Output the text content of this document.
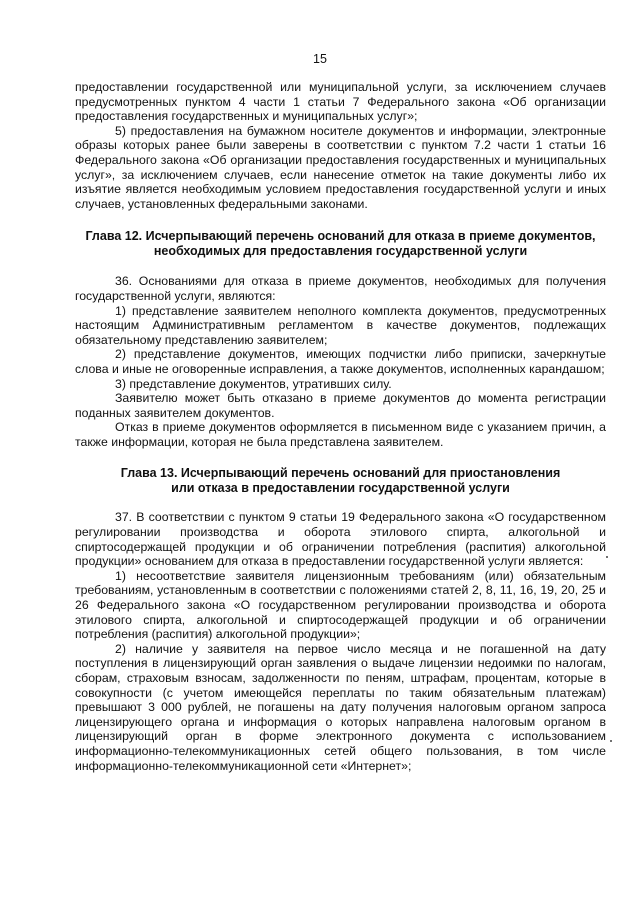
15

предоставлении государственной или муниципальной услуги, за исключением случаев предусмотренных пунктом 4 части 1 статьи 7 Федерального закона «Об организации предоставления государственных и муниципальных услуг»;

5) предоставления на бумажном носителе документов и информации, электронные образы которых ранее были заверены в соответствии с пунктом 7.2 части 1 статьи 16 Федерального закона «Об организации предоставления государственных и муниципальных услуг», за исключением случаев, если нанесение отметок на такие документы либо их изъятие является необходимым условием предоставления государственной услуги и иных случаев, установленных федеральными законами.

Глава 12. Исчерпывающий перечень оснований для отказа в приеме документов,
необходимых для предоставления государственной услуги

36. Основаниями для отказа в приеме документов, необходимых для получения государственной услуги, являются:

1) представление заявителем неполного комплекта документов, предусмотренных настоящим Административным регламентом в качестве документов, подлежащих обязательному представлению заявителем;

2) представление документов, имеющих подчистки либо приписки, зачеркнутые слова и иные не оговоренные исправления, а также документов, исполненных карандашом;

3) представление документов, утративших силу.

Заявителю может быть отказано в приеме документов до момента регистрации поданных заявителем документов.

Отказ в приеме документов оформляется в письменном виде с указанием причин, а также информации, которая не была представлена заявителем.

Глава 13. Исчерпывающий перечень оснований для приостановления
или отказа в предоставлении государственной услуги

37. В соответствии с пунктом 9 статьи 19 Федерального закона «О государственном регулировании производства и оборота этилового спирта, алкогольной и спиртосодержащей продукции и об ограничении потребления (распития) алкогольной продукции» основанием для отказа в предоставлении государственной услуги является:

1) несоответствие заявителя лицензионным требованиям (или) обязательным требованиям, установленным в соответствии с положениями статей 2, 8, 11, 16, 19, 20, 25 и 26 Федерального закона «О государственном регулировании производства и оборота этилового спирта, алкогольной и спиртосодержащей продукции и об ограничении потребления (распития) алкогольной продукции»;

2) наличие у заявителя на первое число месяца и не погашенной на дату поступления в лицензирующий орган заявления о выдаче лицензии недоимки по налогам, сборам, страховым взносам, задолженности по пеням, штрафам, процентам, которые в совокупности (с учетом имеющейся переплаты по таким обязательным платежам) превышают 3 000 рублей, не погашены на дату получения налоговым органом запроса лицензирующего органа и информация о которых направлена налоговым органом в лицензирующий орган в форме электронного документа с использованием информационно-телекоммуникационных сетей общего пользования, в том числе информационно-телекоммуникационной сети «Интернет»;
